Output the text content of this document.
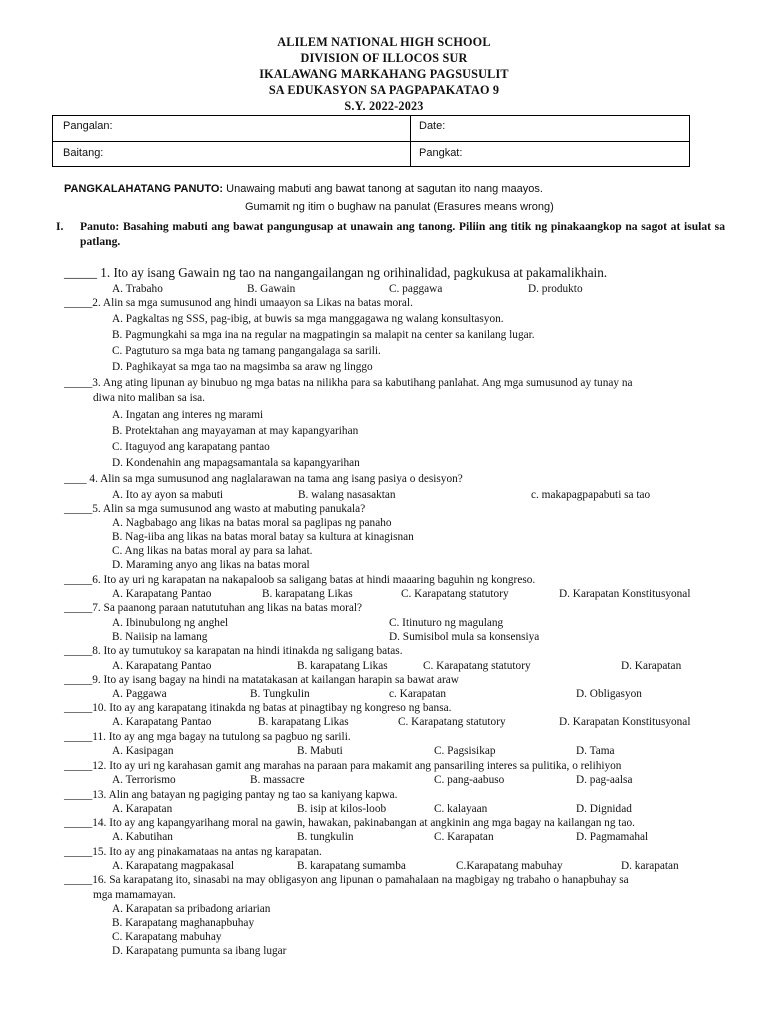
ALILEM NATIONAL HIGH SCHOOL
DIVISION OF ILLOCOS SUR
IKALAWANG MARKAHANG PAGSUSULIT
SA EDUKASYON SA PAGPAPAKATAO 9
S.Y. 2022-2023
Pangalan:	Date:
Baitang:	Pangkat:
PANGKALAHATANG PANUTO: Unawaing mabuti ang bawat tanong at sagutan ito nang maayos.
Gumamit ng itim o bughaw na panulat (Erasures means wrong)
I. Panuto: Basahing mabuti ang bawat pangungusap at unawain ang tanong. Piliin ang titik ng pinakaangkop na sagot at isulat sa patlang.
_____ 1. Ito ay isang Gawain ng tao na nangangailangan ng orihinalidad, pagkukusa at pakamalikhain.
A. Trabaho	B. Gawain	C. paggawa	D. produkto
_____2. Alin sa mga sumusunod ang hindi umaayon sa Likas na batas moral.
A. Pagkaltas ng SSS, pag-ibig, at buwis sa mga manggagawa ng walang konsultasyon.
B. Pagmungkahi sa mga ina na regular na magpatingin sa malapit na center sa kanilang lugar.
C. Pagtuturo sa mga bata ng tamang pangangalaga sa sarili.
D. Paghikayat sa mga tao na magsimba sa araw ng linggo
_____3. Ang ating lipunan ay binubuo ng mga batas na nilikha para sa kabutihang panlahat. Ang mga sumusunod ay tunay na
diwa nito maliban sa isa.
A. Ingatan ang interes ng marami
B. Protektahan ang mayayaman at may kapangyarihan
C. Itaguyod ang karapatang pantao
D. Kondenahin ang mapagsamantala sa kapangyarihan
____ 4. Alin sa mga sumusunod ang naglalarawan na tama ang isang pasiya o desisyon?
A. Ito ay ayon sa mabuti	B. walang nasasaktan	c. makapagpapabuti sa tao
_____5. Alin sa mga sumusunod ang wasto at mabuting panukala?
A. Nagbabago ang likas na batas moral sa paglipas ng panaho
B. Nag-iiba ang likas na batas moral batay sa kultura at kinagisnan
C. Ang likas na batas moral ay para sa lahat.
D. Maraming anyo ang likas na batas moral
_____6. Ito ay uri ng karapatan na nakapaloob sa saligang batas at hindi maaaring baguhin ng kongreso.
A. Karapatang Pantao	B. karapatang Likas	C. Karapatang statutory	D. Karapatan Konstitusyonal
_____7. Sa paanong paraan natututuhan ang likas na batas moral?
A. Ibinubulong ng anghel	C. Itinuturo ng magulang
B. Naiisip na lamang	D. Sumisibol mula sa konsensiya
_____8. Ito ay tumutukoy sa karapatan na hindi itinakda ng saligang batas.
A. Karapatang Pantao	B. karapatang Likas	C. Karapatang statutory	D. Karapatan
_____9. Ito ay isang bagay na hindi na matatakasan at kailangan harapin sa bawat araw
A. Paggawa	B. Tungkulin	c. Karapatan	D. Obligasyon
_____10. Ito ay ang karapatang itinakda ng batas at pinagtibay ng kongreso ng bansa.
A. Karapatang Pantao	B. karapatang Likas	C. Karapatang statutory	D. Karapatan Konstitusyonal
_____11. Ito ay ang mga bagay na tutulong sa pagbuo ng sarili.
A. Kasipagan	B. Mabuti	C. Pagsisikap	D. Tama
_____12. Ito ay uri ng karahasan gamit ang marahas na paraan para makamit ang pansariling interes sa pulitika, o relihiyon
A. Terrorismo	B. massacre	C. pang-aabuso	D. pag-aalsa
_____13. Alin ang batayan ng pagiging pantay ng tao sa kaniyang kapwa.
A. Karapatan	B. isip at kilos-loob	C. kalayaan	D. Dignidad
_____14. Ito ay ang kapangyarihang moral na gawin, hawakan, pakinabangan at angkinin ang mga bagay na kailangan ng tao.
A. Kabutihan	B. tungkulin	C. Karapatan	D. Pagmamahal
_____15. Ito ay ang pinakamataas na antas ng karapatan.
A. Karapatang magpakasal	B. karapatang sumamba	C.Karapatang mabuhay	D. karapatan
_____16. Sa karapatang ito, sinasabi na may obligasyon ang lipunan o pamahalaan na magbigay ng trabaho o hanapbuhay sa
mga mamamayan.
A. Karapatan sa pribadong ariarian
B. Karapatang maghanapbuhay
C. Karapatang mabuhay
D. Karapatang pumunta sa ibang lugar
